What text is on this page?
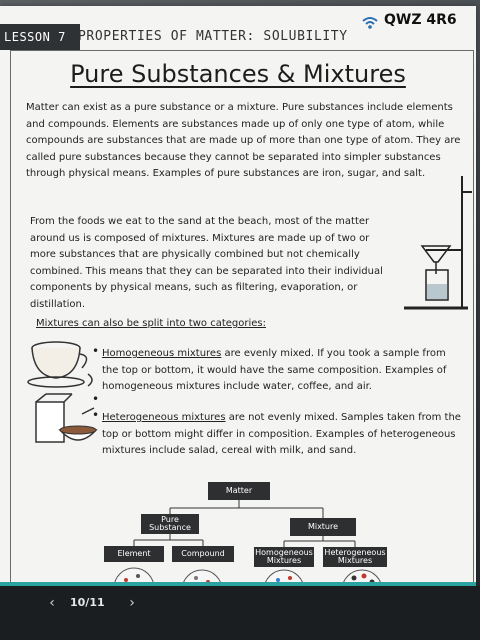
LESSON 7 PROPERTIES OF MATTER: SOLUBILITY
QWZ 4R6
Pure Substances & Mixtures
Matter can exist as a pure substance or a mixture. Pure substances include elements and compounds. Elements are substances made up of only one type of atom, while compounds are substances that are made up of more than one type of atom. They are called pure substances because they cannot be separated into simpler substances through physical means. Examples of pure substances are iron, sugar, and salt.
From the foods we eat to the sand at the beach, most of the matter around us is composed of mixtures. Mixtures are made up of two or more substances that are physically combined but not chemically combined. This means that they can be separated into their individual components by physical means, such as filtering, evaporation, or distillation.
Mixtures can also be split into two categories:
• Homogeneous mixtures are evenly mixed. If you took a sample from the top or bottom, it would have the same composition. Examples of homogeneous mixtures include water, coffee, and air.
•
• Heterogeneous mixtures are not evenly mixed. Samples taken from the top or bottom might differ in composition. Examples of heterogeneous mixtures include salad, cereal with milk, and sand.
Matter
Pure Substance	Mixture
Element	Compound	Homogeneous Mixtures
Heterogeneous Mixtures
‹	10/11	›
